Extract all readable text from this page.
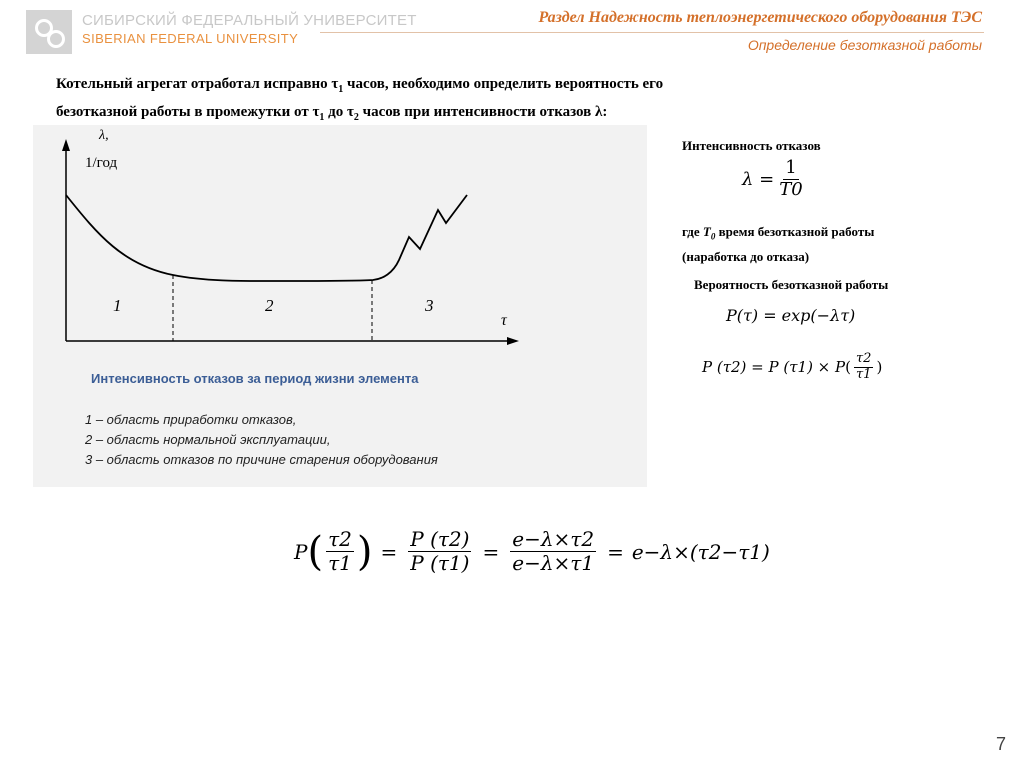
СИБИРСКИЙ ФЕДЕРАЛЬНЫЙ УНИВЕРСИТЕТ
SIBERIAN FEDERAL UNIVERSITY
Раздел Надежность теплоэнергетического оборудования ТЭС
Определение безотказной работы
Котельный агрегат отработал исправно $\tau_1$ часов, необходимо определить вероятность его
безотказной работы в промежутки от $\tau_1$ до $\tau_2$ часов при интенсивности отказов λ:
λ,
1/год
τ
1	2	3
Интенсивность отказов за период жизни элемента
1 – область приработки отказов,
2 – область нормальной эксплуатации,
3 – область отказов по причине старения оборудования
Интенсивность отказов
$\lambda = \frac{1}{T0}$
где $T_0$ время безотказной работы
(наработка до отказа)
Вероятность безотказной работы
P(τ) = exp(−λτ)
P (τ2) = P (τ1) × P ( $\frac{\tau 2}{\tau 1}$ )
P ( $\frac{\tau 2}{\tau 1}$ ) = $\frac{P (\tau 2)}{P (\tau 1)} = \frac{e-\lambda\times\tau 2}{e-\lambda\times\tau 1} = e-\lambda\times(\tau 2-\tau 1)$
7
